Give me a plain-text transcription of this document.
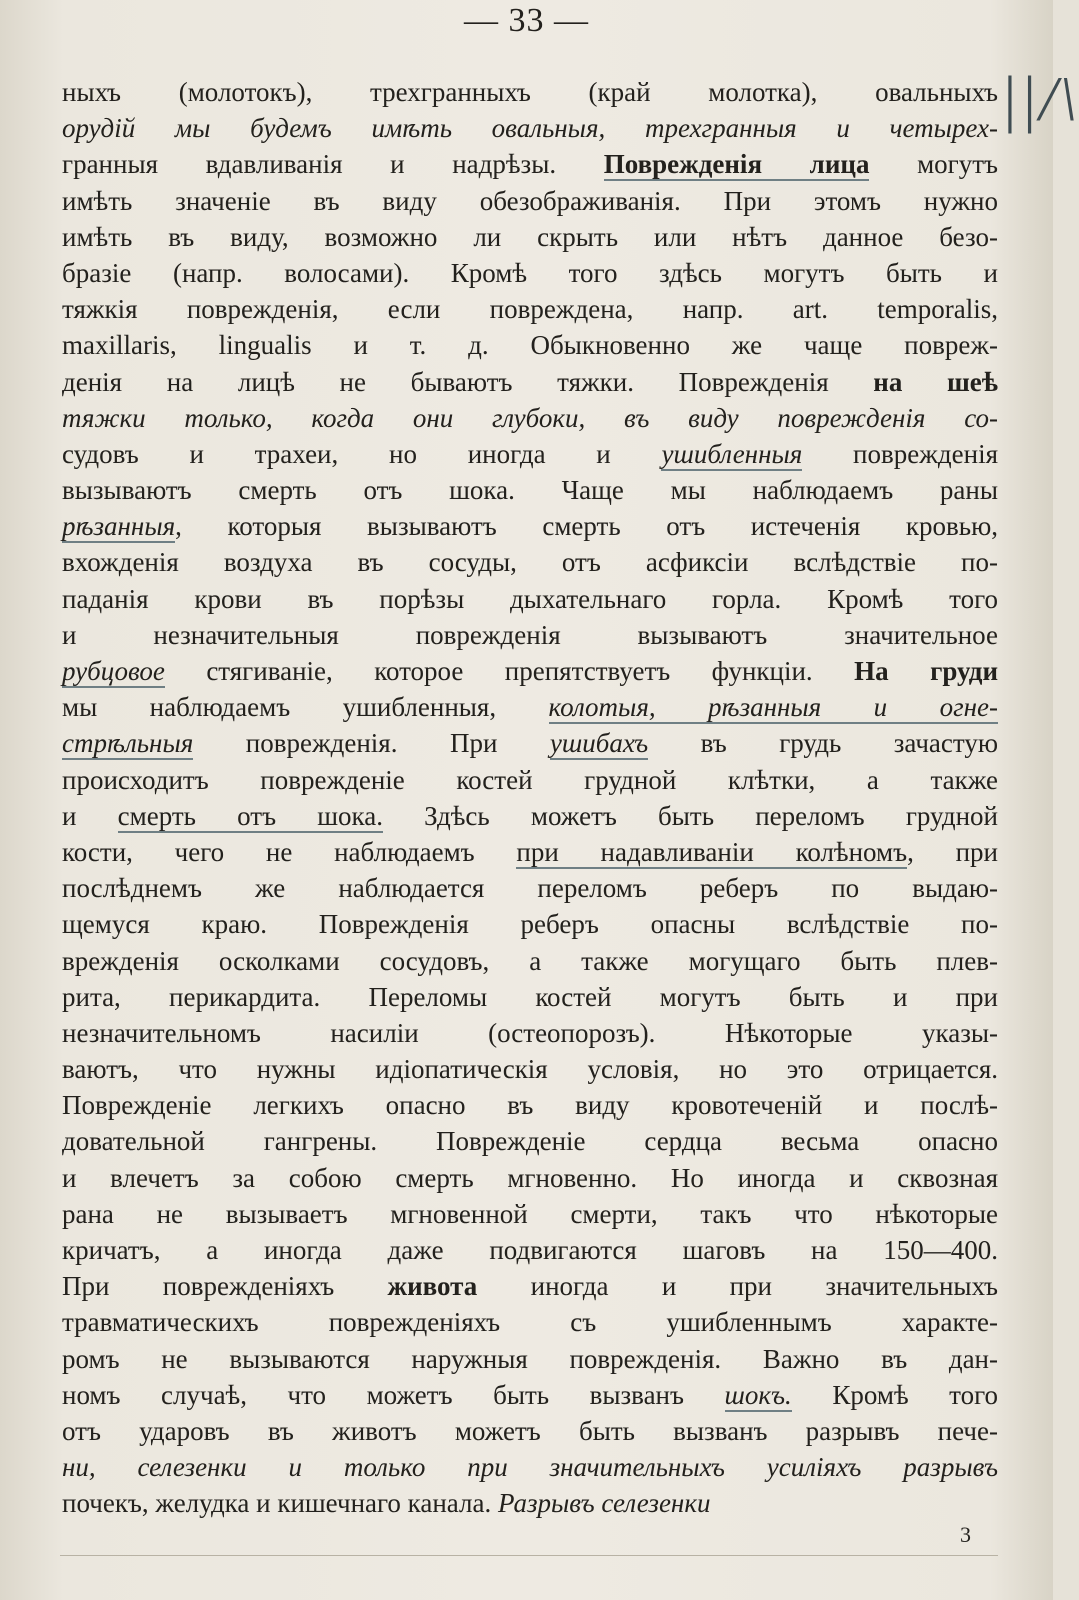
— 33 —
||/\
ныхъ (молотокъ), трехгранныхъ (край молотка), овальныхъ
орудій мы будемъ имѣть овальныя, трехгранныя и четырех-
гранныя вдавливанія и надрѣзы. Поврежденія лица могутъ
имѣть значеніе въ виду обезображиванія. При этомъ нужно
имѣть въ виду, возможно ли скрыть или нѣтъ данное безо-
бразіе (напр. волосами). Кромѣ того здѣсь могутъ быть и
тяжкія поврежденія, если повреждена, напр. art. temporalis,
maxillaris, lingualis и т. д. Обыкновенно же чаще повреж-
денія на лицѣ не бываютъ тяжки. Поврежденія на шеѣ
тяжки только, когда они глубоки, въ виду поврежденія со-
судовъ и трахеи, но иногда и ушибленныя поврежденія
вызываютъ смерть отъ шока. Чаще мы наблюдаемъ раны
рѣзанныя, которыя вызываютъ смерть отъ истеченія кровью,
вхожденія воздуха въ сосуды, отъ асфиксіи вслѣдствіе по-
паданія крови въ порѣзы дыхательнаго горла. Кромѣ того
и незначительныя поврежденія вызываютъ значительное
рубцовое стягиваніе, которое препятствуетъ функціи. На груди
мы наблюдаемъ ушибленныя, колотыя, рѣзанныя и огне-
стрѣльныя поврежденія. При ушибахъ въ грудь зачастую
происходитъ поврежденіе костей грудной клѣтки, а также
и смерть отъ шока. Здѣсь можетъ быть переломъ грудной
кости, чего не наблюдаемъ при надавливаніи колѣномъ, при
послѣднемъ же наблюдается переломъ реберъ по выдаю-
щемуся краю. Поврежденія реберъ опасны вслѣдствіе по-
врежденія осколками сосудовъ, а также могущаго быть плев-
рита, перикардита. Переломы костей могутъ быть и при
незначительномъ насиліи (остеопорозъ). Нѣкоторые указы-
ваютъ, что нужны идіопатическія условія, но это отрицается.
Поврежденіе легкихъ опасно въ виду кровотеченій и послѣ-
довательной гангрены. Поврежденіе сердца весьма опасно
и влечетъ за собою смерть мгновенно. Но иногда и сквозная
рана не вызываетъ мгновенной смерти, такъ что нѣкоторые
кричатъ, а иногда даже подвигаются шаговъ на 150—400.
При поврежденіяхъ живота иногда и при значительныхъ
травматическихъ поврежденіяхъ съ ушибленнымъ характе-
ромъ не вызываются наружныя поврежденія. Важно въ дан-
номъ случаѣ, что можетъ быть вызванъ шокъ. Кромѣ того
отъ ударовъ въ животъ можетъ быть вызванъ разрывъ пече-
ни, селезенки и только при значительныхъ усиліяхъ разрывъ
почекъ, желудка и кишечнаго канала. Разрывъ селезенки
3
